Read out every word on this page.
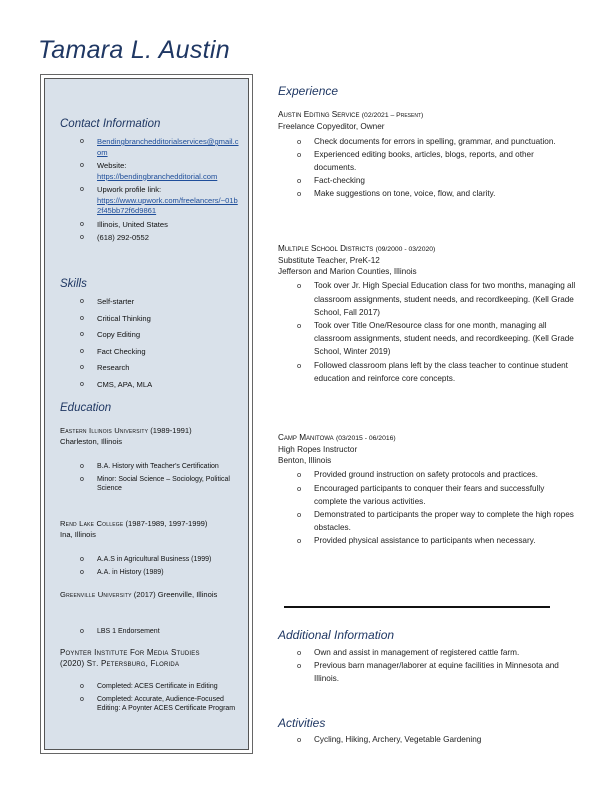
Tamara L. Austin
Contact Information
o Bendingbranchedditorialservices@gmail.com
o Website:
https://bendingbranchedditorial.com
o Upwork profile link:
https://www.upwork.com/freelancers/~01b2f45bb72f6d9861
o Illinois, United States
o (618) 292-0552
Skills
o Self-starter
o Critical Thinking
o Copy Editing
o Fact Checking
o Research
o CMS, APA, MLA
Education
Eastern Illinois University (1989-1991)
Charleston, Illinois
o B.A. History with Teacher's Certification
o Minor: Social Science – Sociology, Political Science
Rend Lake College (1987-1989, 1997-1999)
Ina, Illinois
o A.A.S in Agricultural Business (1999)
o A.A. in History (1989)
Greenville University (2017) Greenville, Illinois
o LBS 1 Endorsement
Poynter Institute For Media Studies
(2020) St. Petersburg, Florida
o Completed: ACES Certificate in Editing
o Completed: Accurate, Audience-Focused Editing: A Poynter ACES Certificate Program
Experience
Austin Editing Service (02/2021 – Present)
Freelance Copyeditor, Owner
o Check documents for errors in spelling, grammar, and punctuation.
o Experienced editing books, articles, blogs, reports, and other documents.
o Fact-checking
o Make suggestions on tone, voice, flow, and clarity.
Multiple School Districts (09/2000 - 03/2020)
Substitute Teacher, PreK-12
Jefferson and Marion Counties, Illinois
o Took over Jr. High Special Education class for two months, managing all classroom assignments, student needs, and recordkeeping. (Kell Grade School, Fall 2017)
o Took over Title One/Resource class for one month, managing all classroom assignments, student needs, and recordkeeping. (Kell Grade School, Winter 2019)
o Followed classroom plans left by the class teacher to continue student education and reinforce core concepts.
Camp Manitowa (03/2015 - 06/2016)
High Ropes Instructor
Benton, Illinois
o Provided ground instruction on safety protocols and practices.
o Encouraged participants to conquer their fears and successfully complete the various activities.
o Demonstrated to participants the proper way to complete the high ropes obstacles.
o Provided physical assistance to participants when necessary.
Additional Information
o Own and assist in management of registered cattle farm.
o Previous barn manager/laborer at equine facilities in Minnesota and Illinois.
Activities
o Cycling, Hiking, Archery, Vegetable Gardening
